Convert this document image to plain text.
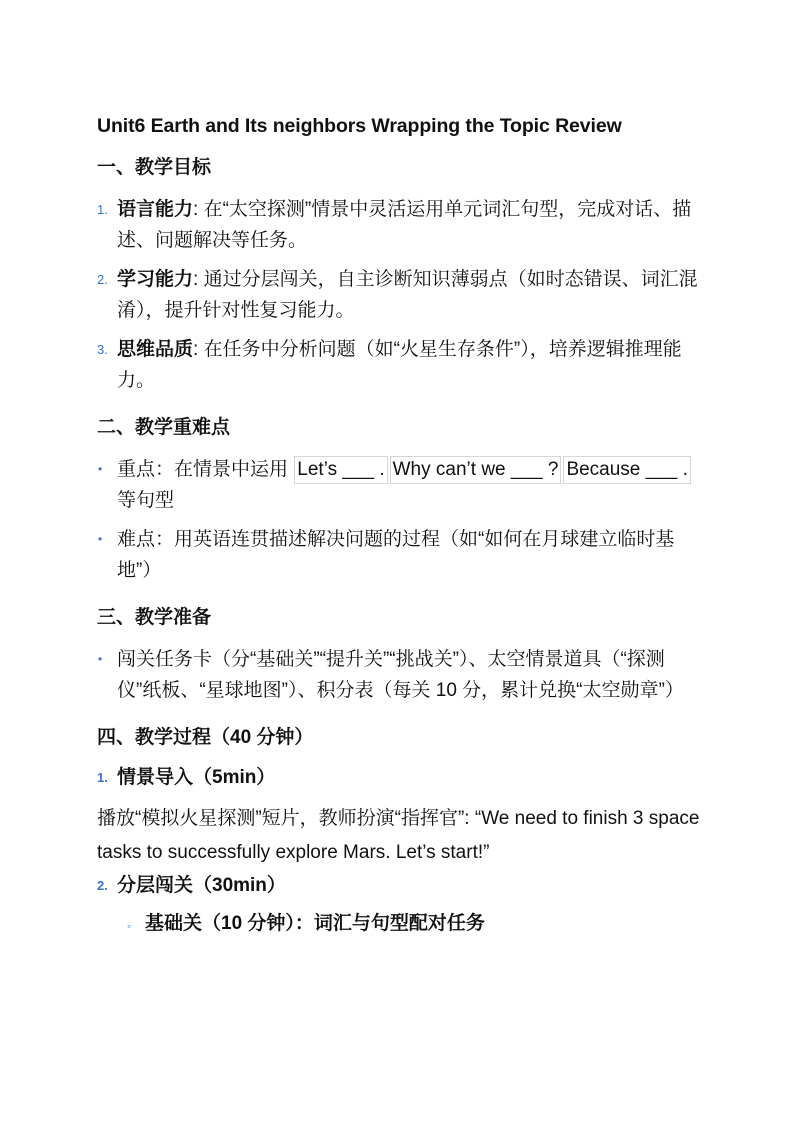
Unit6 Earth and Its neighbors Wrapping the Topic Review
一、教学目标
1. 语言能力: 在“太空探测”情景中灵活运用单元词汇句型，完成对话、描述、问题解决等任务。
2. 学习能力: 通过分层闯关，自主诊断知识薄弱点（如时态错误、词汇混淆），提升针对性复习能力。
3. 思维品质: 在任务中分析问题（如“火星生存条件”），培养逻辑推理能力。
二、教学重难点
• 重点：在情景中运用 Let’s ___ . Why can’t we ___ ? Because ___ . 等句型
• 难点：用英语连贯描述解决问题的过程（如“如何在月球建立临时基地”）
三、教学准备
• 闯关任务卡（分“基础关”“提升关”“挑战关”）、太空情景道具（“探测仪”纸板、“星球地图”）、积分表（每关 10 分，累计兑换“太空勋章”）
四、教学过程（40 分钟）
1. 情景导入（5min）

播放“模拟火星探测”短片，教师扮演“指挥官”: “We need to finish 3 space tasks to successfully explore Mars. Let’s start!”

2. 分层闯关（30min）
◦ 基础关（10 分钟）：词汇与句型配对任务
